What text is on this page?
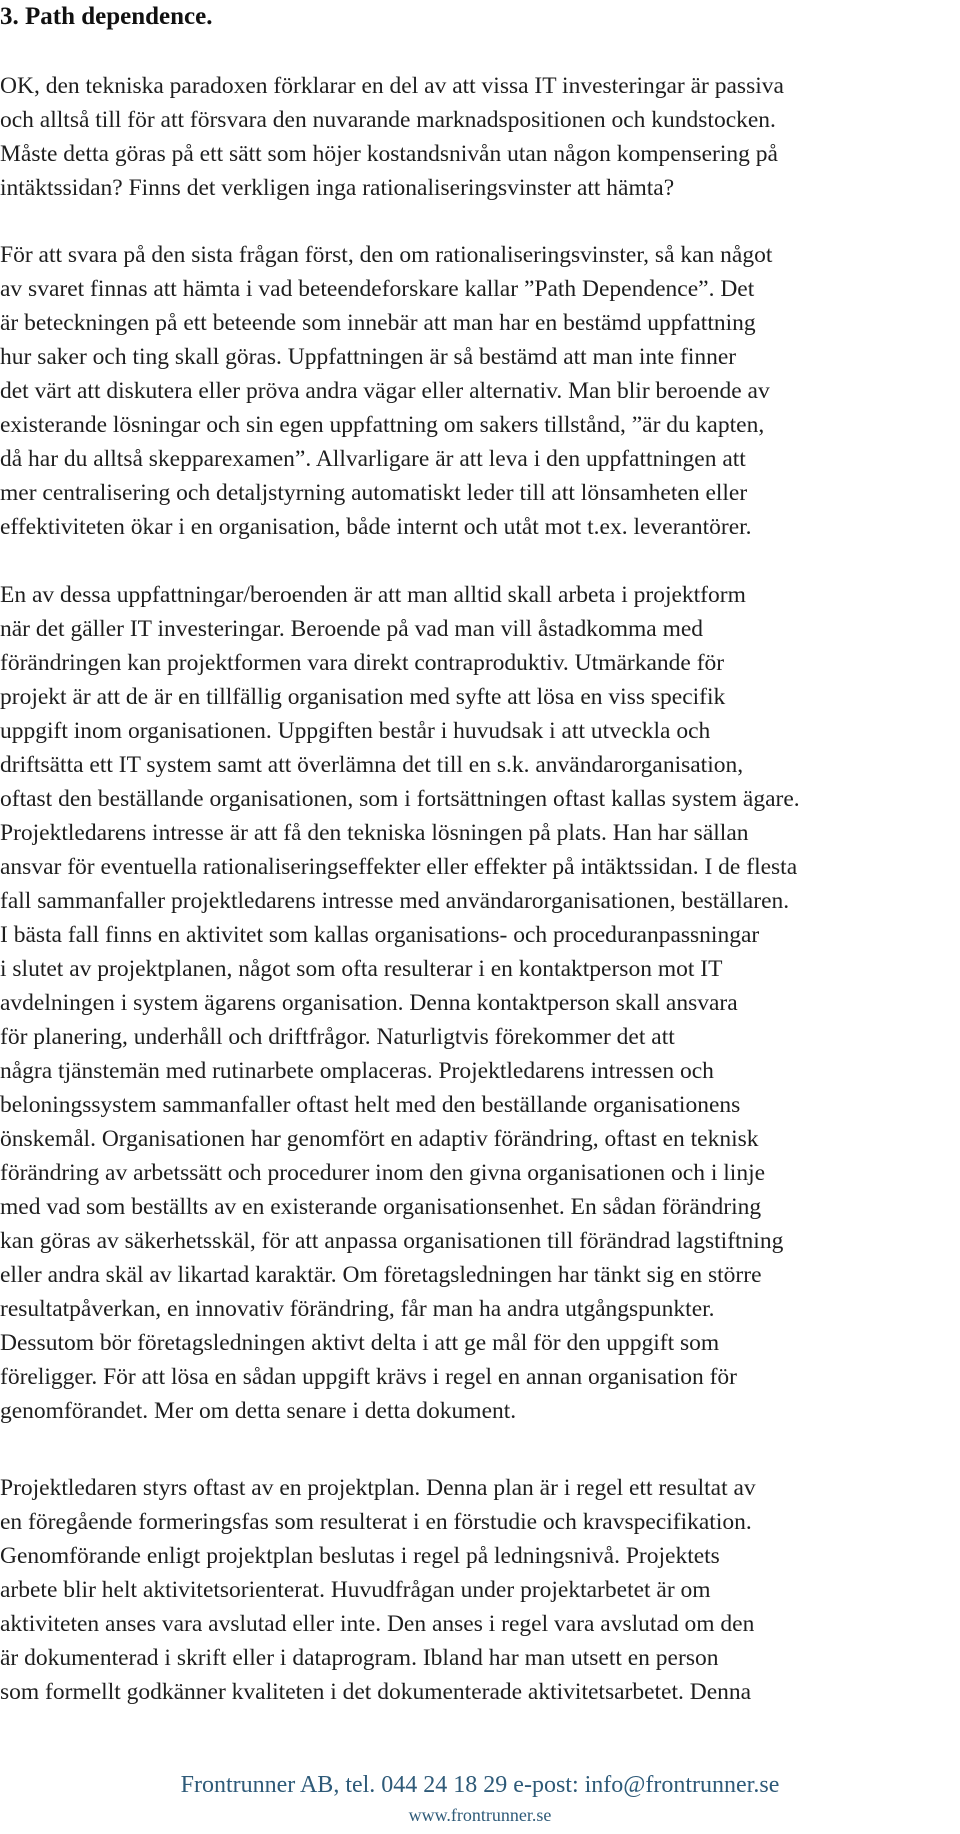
3. Path dependence.
OK, den tekniska paradoxen förklarar en del av att vissa IT investeringar är passiva
och alltså till för att försvara den nuvarande marknadspositionen och kundstocken.
Måste detta göras på ett sätt som höjer kostandsnivån utan någon kompensering på
intäktssidan? Finns det verkligen inga rationaliseringsvinster att hämta?
För att svara på den sista frågan först, den om rationaliseringsvinster, så kan något
av svaret finnas att hämta i vad beteendeforskare kallar ”Path Dependence”. Det
är beteckningen på ett beteende som innebär att man har en bestämd uppfattning
hur saker och ting skall göras. Uppfattningen är så bestämd att man inte finner
det värt att diskutera eller pröva andra vägar eller alternativ. Man blir beroende av
existerande lösningar och sin egen uppfattning om sakers tillstånd, ”är du kapten,
då har du alltså skepparexamen”. Allvarligare är att leva i den uppfattningen att
mer centralisering och detaljstyrning automatiskt leder till att lönsamheten eller
effektiviteten ökar i en organisation, både internt och utåt mot t.ex. leverantörer.
En av dessa uppfattningar/beroenden är att man alltid skall arbeta i projektform
när det gäller IT investeringar. Beroende på vad man vill åstadkomma med
förändringen kan projektformen vara direkt contraproduktiv. Utmärkande för
projekt är att de är en tillfällig organisation med syfte att lösa en viss specifik
uppgift inom organisationen. Uppgiften består i huvudsak i att utveckla och
driftsätta ett IT system samt att överlämna det till en s.k. användarorganisation,
oftast den beställande organisationen, som i fortsättningen oftast kallas system ägare.
Projektledarens intresse är att få den tekniska lösningen på plats. Han har sällan
ansvar för eventuella rationaliseringseffekter eller effekter på intäktssidan. I de flesta
fall sammanfaller projektledarens intresse med användarorganisationen, beställaren.
I bästa fall finns en aktivitet som kallas organisations- och proceduranpassningar
i slutet av projektplanen, något som ofta resulterar i en kontaktperson mot IT
avdelningen i system ägarens organisation. Denna kontaktperson skall ansvara
för planering, underhåll och driftfrågor. Naturligtvis förekommer det att
några tjänstemän med rutinarbete omplaceras. Projektledarens intressen och
beloningssystem sammanfaller oftast helt med den beställande organisationens
önskemål. Organisationen har genomfört en adaptiv förändring, oftast en teknisk
förändring av arbetssätt och procedurer inom den givna organisationen och i linje
med vad som beställts av en existerande organisationsenhet. En sådan förändring
kan göras av säkerhetsskäl, för att anpassa organisationen till förändrad lagstiftning
eller andra skäl av likartad karaktär. Om företagsledningen har tänkt sig en större
resultatpåverkan, en innovativ förändring, får man ha andra utgångspunkter.
Dessutom bör företagsledningen aktivt delta i att ge mål för den uppgift som
föreligger. För att lösa en sådan uppgift krävs i regel en annan organisation för
genomförandet. Mer om detta senare i detta dokument.
Projektledaren styrs oftast av en projektplan. Denna plan är i regel ett resultat av
en föregående formeringsfas som resulterat i en förstudie och kravspecifikation.
Genomförande enligt projektplan beslutas i regel på ledningsnivå. Projektets
arbete blir helt aktivitetsorienterat. Huvudfrågan under projektarbetet är om
aktiviteten anses vara avslutad eller inte. Den anses i regel vara avslutad om den
är dokumenterad i skrift eller i dataprogram. Ibland har man utsett en person
som formellt godkänner kvaliteten i det dokumenterade aktivitetsarbetet. Denna
Frontrunner AB, tel. 044 24 18 29 e-post: info@frontrunner.se
www.frontrunner.se
